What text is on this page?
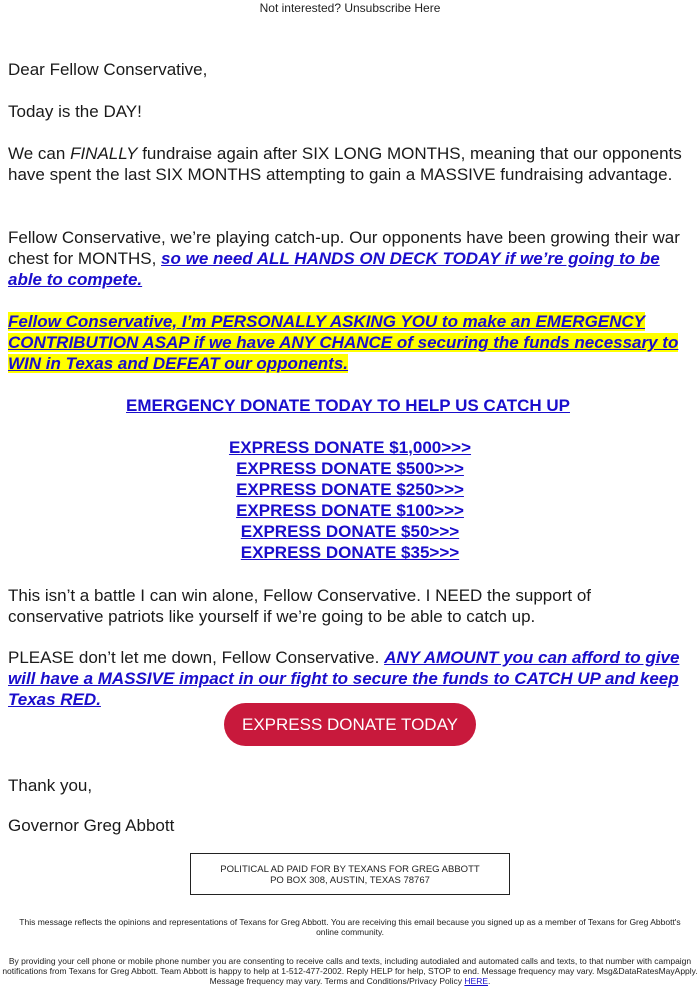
Not interested? Unsubscribe Here

Dear Fellow Conservative,

Today is the DAY!

We can FINALLY fundraise again after SIX LONG MONTHS, meaning that our opponents have spent the last SIX MONTHS attempting to gain a MASSIVE fundraising advantage.

Fellow Conservative, we’re playing catch-up. Our opponents have been growing their war chest for MONTHS, so we need ALL HANDS ON DECK TODAY if we’re going to be able to compete.

Fellow Conservative, I’m PERSONALLY ASKING YOU to make an EMERGENCY CONTRIBUTION ASAP if we have ANY CHANCE of securing the funds necessary to WIN in Texas and DEFEAT our opponents.

EMERGENCY DONATE TODAY TO HELP US CATCH UP

EXPRESS DONATE $1,000>>>
EXPRESS DONATE $500>>>
EXPRESS DONATE $250>>>
EXPRESS DONATE $100>>>
EXPRESS DONATE $50>>>
EXPRESS DONATE $35>>>

This isn’t a battle I can win alone, Fellow Conservative. I NEED the support of conservative patriots like yourself if we’re going to be able to catch up.

PLEASE don’t let me down, Fellow Conservative. ANY AMOUNT you can afford to give will have a MASSIVE impact in our fight to secure the funds to CATCH UP and keep Texas RED.

Thank you,

Governor Greg Abbott

EXPRESS DONATE TODAY
POLITICAL AD PAID FOR BY TEXANS FOR GREG ABBOTT
PO BOX 308, AUSTIN, TEXAS 78767
This message reflects the opinions and representations of Texans for Greg Abbott. You are receiving this email because you signed up as a member of Texans for Greg Abbott's online community.
By providing your cell phone or mobile phone number you are consenting to receive calls and texts, including autodialed and automated calls and texts, to that number with campaign notifications from Texans for Greg Abbott. Team Abbott is happy to help at 1-512-477-2002. Reply HELP for help, STOP to end. Message frequency may vary. Msg&DataRatesMayApply. Message frequency may vary. Terms and Conditions/Privacy Policy HERE.
